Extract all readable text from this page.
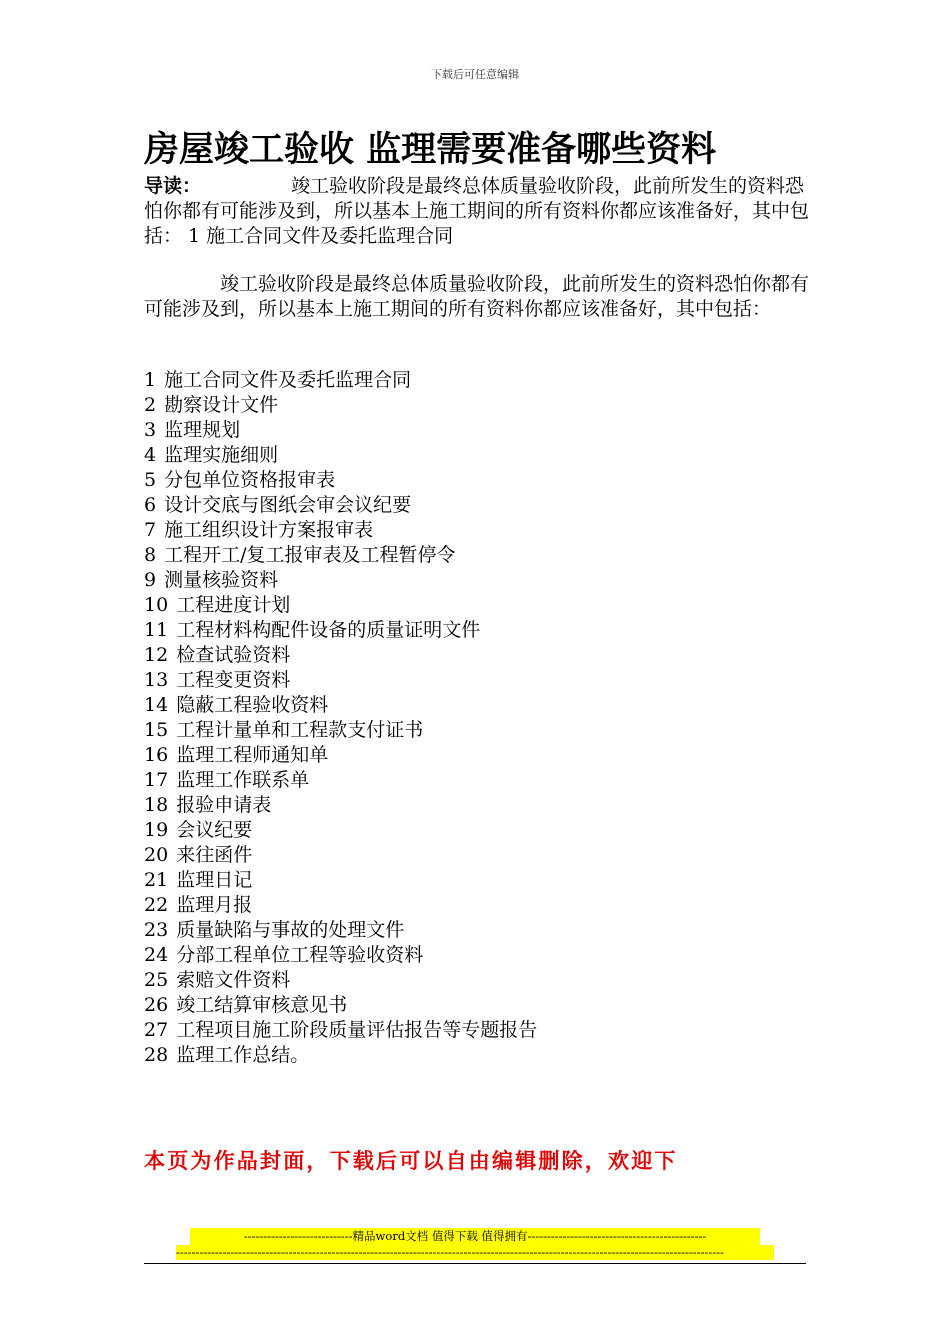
下载后可任意编辑
房屋竣工验收 监理需要准备哪些资料
导读：	竣工验收阶段是最终总体质量验收阶段，此前所发生的资料恐怕你都有可能涉及到，所以基本上施工期间的所有资料你都应该准备好，其中包括： 1 施工合同文件及委托监理合同
竣工验收阶段是最终总体质量验收阶段，此前所发生的资料恐怕你都有可能涉及到，所以基本上施工期间的所有资料你都应该准备好，其中包括：
1 施工合同文件及委托监理合同
2 勘察设计文件
3 监理规划
4 监理实施细则
5 分包单位资格报审表
6 设计交底与图纸会审会议纪要
7 施工组织设计方案报审表
8 工程开工/复工报审表及工程暂停令
9 测量核验资料
10 工程进度计划
11 工程材料构配件设备的质量证明文件
12 检查试验资料
13 工程变更资料
14 隐蔽工程验收资料
15 工程计量单和工程款支付证书
16 监理工程师通知单
17 监理工作联系单
18 报验申请表
19 会议纪要
20 来往函件
21 监理日记
22 监理月报
23 质量缺陷与事故的处理文件
24 分部工程单位工程等验收资料
25 索赔文件资料
26 竣工结算审核意见书
27 工程项目施工阶段质量评估报告等专题报告
28 监理工作总结。
本页为作品封面，下载后可以自由编辑删除，欢迎下
----------------------------精品word文档 值得下载 值得拥有----------------------------------------------
---------------------------------------------------------------------------------------------------------------------------------------------
